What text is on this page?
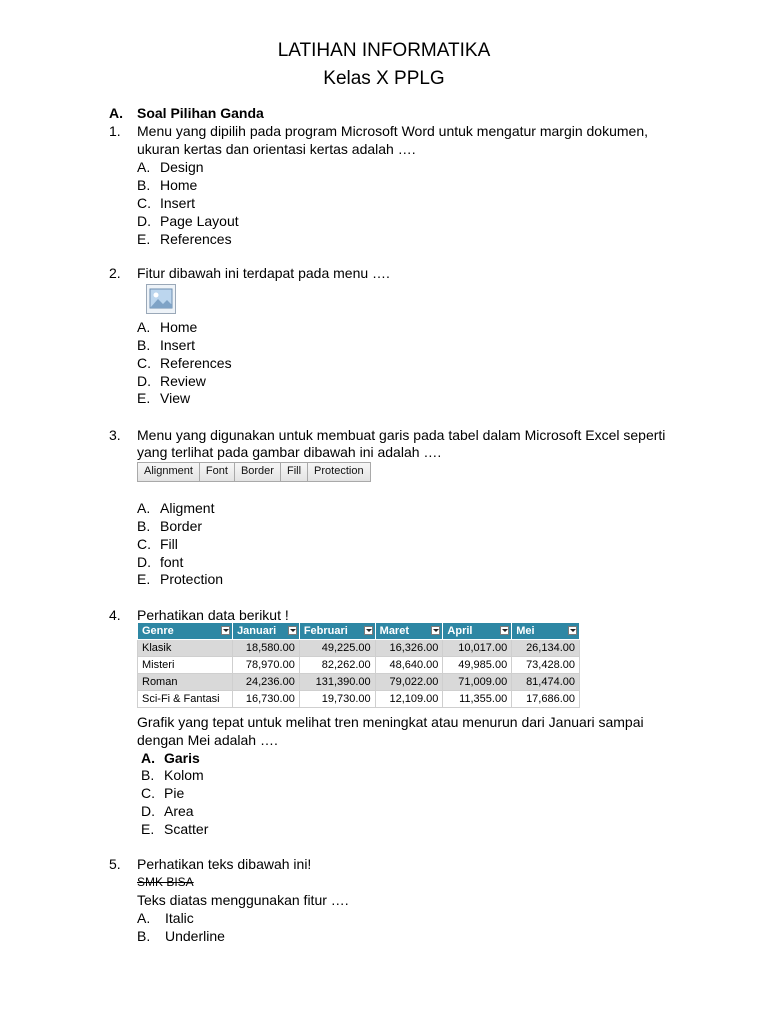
LATIHAN INFORMATIKA
Kelas X PPLG
A. Soal Pilihan Ganda
1. Menu yang dipilih pada program Microsoft Word untuk mengatur margin dokumen,
ukuran kertas dan orientasi kertas adalah ….
A. Design
B. Home
C. Insert
D. Page Layout
E. References
2. Fitur dibawah ini terdapat pada menu ….
A. Home
B. Insert
C. References
D. Review
E. View
3. Menu yang digunakan untuk membuat garis pada tabel dalam Microsoft Excel seperti
yang terlihat pada gambar dibawah ini adalah ….
Alignment	Font	Border	Fill	Protection
A. Aligment
B. Border
C. Fill
D. font
E. Protection
4. Perhatikan data berikut !
Genre	Januari	Februari	Maret	April	Mei

Klasik	18,580.00	49,225.00	16,326.00	10,017.00	26,134.00
Misteri	78,970.00	82,262.00	48,640.00	49,985.00	73,428.00
Roman	24,236.00	131,390.00	79,022.00	71,009.00	81,474.00
Sci-Fi & Fantasi	16,730.00	19,730.00	12,109.00	11,355.00	17,686.00
Grafik yang tepat untuk melihat tren meningkat atau menurun dari Januari sampai
dengan Mei adalah ….
A. Garis
B. Kolom
C. Pie
D. Area
E. Scatter
5. Perhatikan teks dibawah ini!
SMK BISA
Teks diatas menggunakan fitur ….
A. Italic
B. Underline
